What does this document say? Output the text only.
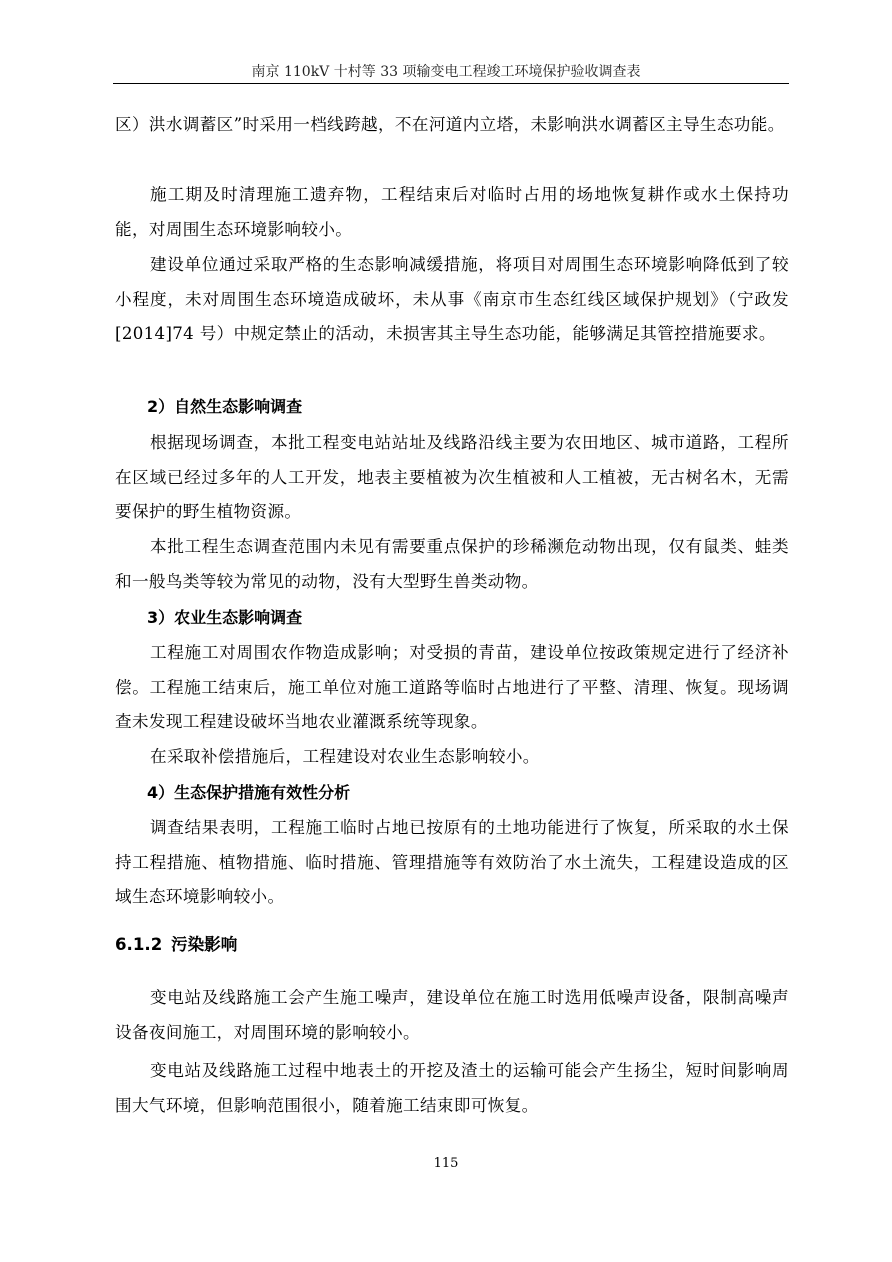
南京 110kV 十村等 33 项输变电工程竣工环境保护验收调查表

区）洪水调蓄区”时采用一档线跨越，不在河道内立塔，未影响洪水调蓄区主导生态功能。

施工期及时清理施工遗弃物，工程结束后对临时占用的场地恢复耕作或水土保持功能，对周围生态环境影响较小。

建设单位通过采取严格的生态影响减缓措施，将项目对周围生态环境影响降低到了较小程度，未对周围生态环境造成破坏，未从事《南京市生态红线区域保护规划》（宁政发[2014]74 号）中规定禁止的活动，未损害其主导生态功能，能够满足其管控措施要求。

2）自然生态影响调查

根据现场调查，本批工程变电站站址及线路沿线主要为农田地区、城市道路，工程所在区域已经过多年的人工开发，地表主要植被为次生植被和人工植被，无古树名木，无需要保护的野生植物资源。

本批工程生态调查范围内未见有需要重点保护的珍稀濒危动物出现，仅有鼠类、蛙类和一般鸟类等较为常见的动物，没有大型野生兽类动物。

3）农业生态影响调查

工程施工对周围农作物造成影响；对受损的青苗，建设单位按政策规定进行了经济补偿。工程施工结束后，施工单位对施工道路等临时占地进行了平整、清理、恢复。现场调查未发现工程建设破坏当地农业灌溉系统等现象。

在采取补偿措施后，工程建设对农业生态影响较小。

4）生态保护措施有效性分析

调查结果表明，工程施工临时占地已按原有的土地功能进行了恢复，所采取的水土保持工程措施、植物措施、临时措施、管理措施等有效防治了水土流失，工程建设造成的区域生态环境影响较小。

6.1.2 污染影响

变电站及线路施工会产生施工噪声，建设单位在施工时选用低噪声设备，限制高噪声设备夜间施工，对周围环境的影响较小。

变电站及线路施工过程中地表土的开挖及渣土的运输可能会产生扬尘，短时间影响周围大气环境，但影响范围很小，随着施工结束即可恢复。

115
